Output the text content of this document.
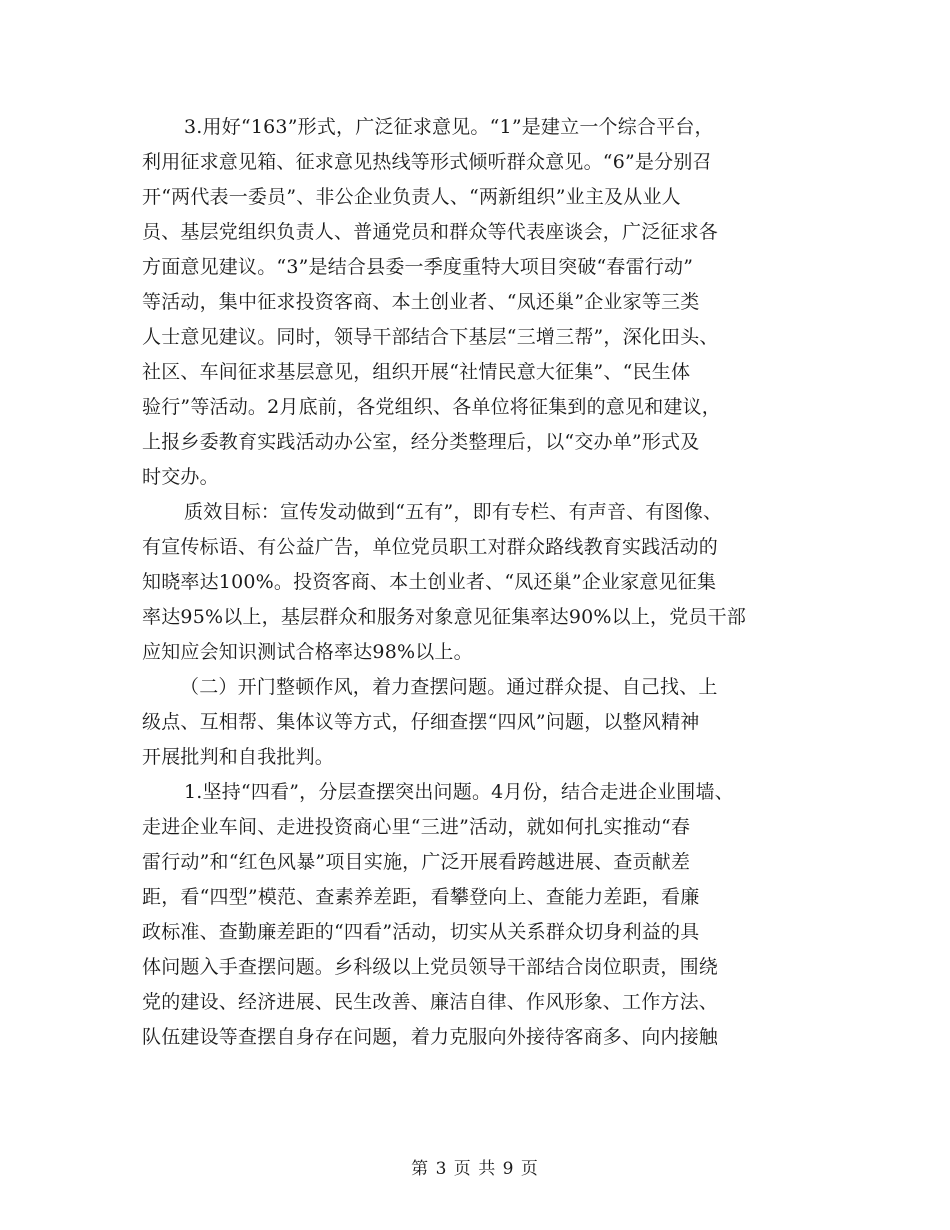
3.用好“163”形式，广泛征求意见。“1”是建立一个综合平台，
利用征求意见箱、征求意见热线等形式倾听群众意见。“6”是分别召
开“两代表一委员”、非公企业负责人、“两新组织”业主及从业人
员、基层党组织负责人、普通党员和群众等代表座谈会，广泛征求各
方面意见建议。“3”是结合县委一季度重特大项目突破“春雷行动”
等活动，集中征求投资客商、本土创业者、“凤还巢”企业家等三类
人士意见建议。同时，领导干部结合下基层“三增三帮”，深化田头、
社区、车间征求基层意见，组织开展“社情民意大征集”、“民生体
验行”等活动。2月底前，各党组织、各单位将征集到的意见和建议，
上报乡委教育实践活动办公室，经分类整理后，以“交办单”形式及
时交办。
质效目标：宣传发动做到“五有”，即有专栏、有声音、有图像、
有宣传标语、有公益广告，单位党员职工对群众路线教育实践活动的
知晓率达100%。投资客商、本土创业者、“凤还巢”企业家意见征集
率达95%以上，基层群众和服务对象意见征集率达90%以上，党员干部
应知应会知识测试合格率达98%以上。
（二）开门整顿作风，着力查摆问题。通过群众提、自己找、上
级点、互相帮、集体议等方式，仔细查摆“四风”问题，以整风精神
开展批判和自我批判。
1.坚持“四看”，分层查摆突出问题。4月份，结合走进企业围墙、
走进企业车间、走进投资商心里“三进”活动，就如何扎实推动“春
雷行动”和“红色风暴”项目实施，广泛开展看跨越进展、查贡献差
距，看“四型”模范、查素养差距，看攀登向上、查能力差距，看廉
政标准、查勤廉差距的“四看”活动，切实从关系群众切身利益的具
体问题入手查摆问题。乡科级以上党员领导干部结合岗位职责，围绕
党的建设、经济进展、民生改善、廉洁自律、作风形象、工作方法、
队伍建设等查摆自身存在问题，着力克服向外接待客商多、向内接触
第 3 页 共 9 页
